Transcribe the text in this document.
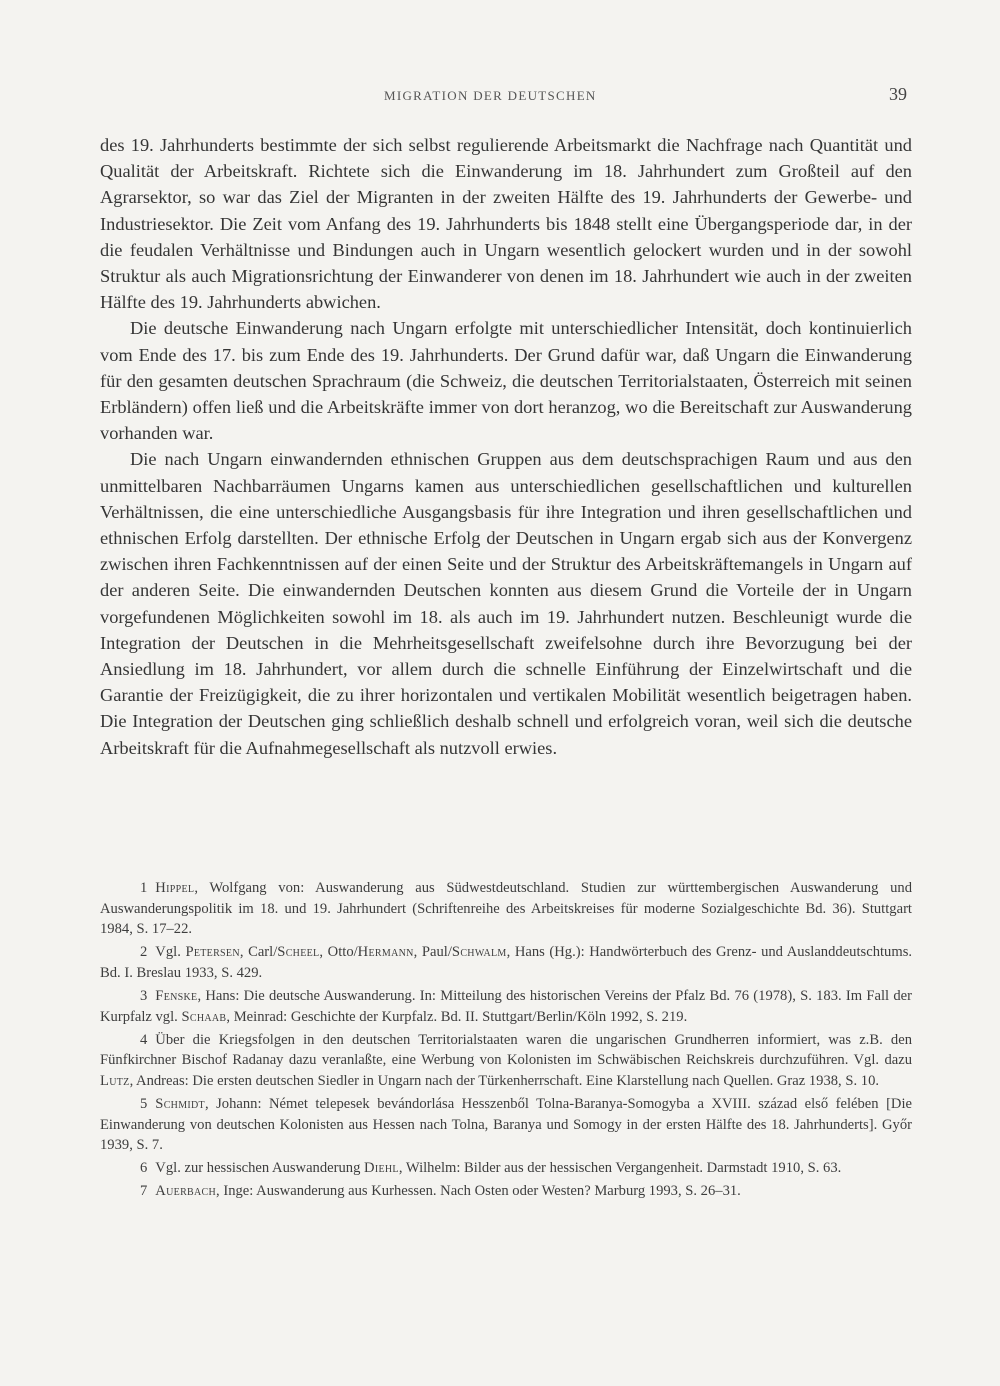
MIGRATION DER DEUTSCHEN	39

des 19. Jahrhunderts bestimmte der sich selbst regulierende Arbeitsmarkt die Nachfrage nach Quantität und Qualität der Arbeitskraft. Richtete sich die Einwanderung im 18. Jahrhundert zum Großteil auf den Agrarsektor, so war das Ziel der Migranten in der zweiten Hälfte des 19. Jahrhunderts der Gewerbe- und Industriesektor. Die Zeit vom Anfang des 19. Jahrhunderts bis 1848 stellt eine Übergangsperiode dar, in der die feudalen Verhältnisse und Bindungen auch in Ungarn wesentlich gelockert wurden und in der sowohl Struktur als auch Migrationsrichtung der Einwanderer von denen im 18. Jahrhundert wie auch in der zweiten Hälfte des 19. Jahrhunderts abwichen.

Die deutsche Einwanderung nach Ungarn erfolgte mit unterschiedlicher Intensität, doch kontinuierlich vom Ende des 17. bis zum Ende des 19. Jahrhunderts. Der Grund dafür war, daß Ungarn die Einwanderung für den gesamten deutschen Sprachraum (die Schweiz, die deutschen Territorialstaaten, Österreich mit seinen Erbländern) offen ließ und die Arbeitskräfte immer von dort heranzog, wo die Bereitschaft zur Auswanderung vorhanden war.

Die nach Ungarn einwandernden ethnischen Gruppen aus dem deutschsprachigen Raum und aus den unmittelbaren Nachbarräumen Ungarns kamen aus unterschiedlichen gesellschaftlichen und kulturellen Verhältnissen, die eine unterschiedliche Ausgangsbasis für ihre Integration und ihren gesellschaftlichen und ethnischen Erfolg darstellten. Der ethnische Erfolg der Deutschen in Ungarn ergab sich aus der Konvergenz zwischen ihren Fachkenntnissen auf der einen Seite und der Struktur des Arbeitskräftemangels in Ungarn auf der anderen Seite. Die einwandernden Deutschen konnten aus diesem Grund die Vorteile der in Ungarn vorgefundenen Möglichkeiten sowohl im 18. als auch im 19. Jahrhundert nutzen. Beschleunigt wurde die Integration der Deutschen in die Mehrheitsgesellschaft zweifelsohne durch ihre Bevorzugung bei der Ansiedlung im 18. Jahrhundert, vor allem durch die schnelle Einführung der Einzelwirtschaft und die Garantie der Freizügigkeit, die zu ihrer horizontalen und vertikalen Mobilität wesentlich beigetragen haben. Die Integration der Deutschen ging schließlich deshalb schnell und erfolgreich voran, weil sich die deutsche Arbeitskraft für die Aufnahmegesellschaft als nutzvoll erwies.

1 Hippel, Wolfgang von: Auswanderung aus Südwestdeutschland. Studien zur württembergischen Auswanderung und Auswanderungspolitik im 18. und 19. Jahrhundert (Schriftenreihe des Arbeitskreises für moderne Sozialgeschichte Bd. 36). Stuttgart 1984, S. 17–22.

2 Vgl. Petersen, Carl/Scheel, Otto/Hermann, Paul/Schwalm, Hans (Hg.): Handwörterbuch des Grenz- und Auslanddeutschtums. Bd. I. Breslau 1933, S. 429.

3 Fenske, Hans: Die deutsche Auswanderung. In: Mitteilung des historischen Vereins der Pfalz Bd. 76 (1978), S. 183. Im Fall der Kurpfalz vgl. Schaab, Meinrad: Geschichte der Kurpfalz. Bd. II. Stuttgart/Berlin/Köln 1992, S. 219.

4 Über die Kriegsfolgen in den deutschen Territorialstaaten waren die ungarischen Grundherren informiert, was z.B. den Fünfkirchner Bischof Radanay dazu veranlaßte, eine Werbung von Kolonisten im Schwäbischen Reichskreis durchzuführen. Vgl. dazu Lutz, Andreas: Die ersten deutschen Siedler in Ungarn nach der Türkenherrschaft. Eine Klarstellung nach Quellen. Graz 1938, S. 10.

5 Schmidt, Johann: Német telepesek bevándorlása Hesszenből Tolna-Baranya-Somogyba a XVIII. század első felében [Die Einwanderung von deutschen Kolonisten aus Hessen nach Tolna, Baranya und Somogy in der ersten Hälfte des 18. Jahrhunderts]. Győr 1939, S. 7.

6 Vgl. zur hessischen Auswanderung Diehl, Wilhelm: Bilder aus der hessischen Vergangenheit. Darmstadt 1910, S. 63.

7 Auerbach, Inge: Auswanderung aus Kurhessen. Nach Osten oder Westen? Marburg 1993, S. 26–31.
